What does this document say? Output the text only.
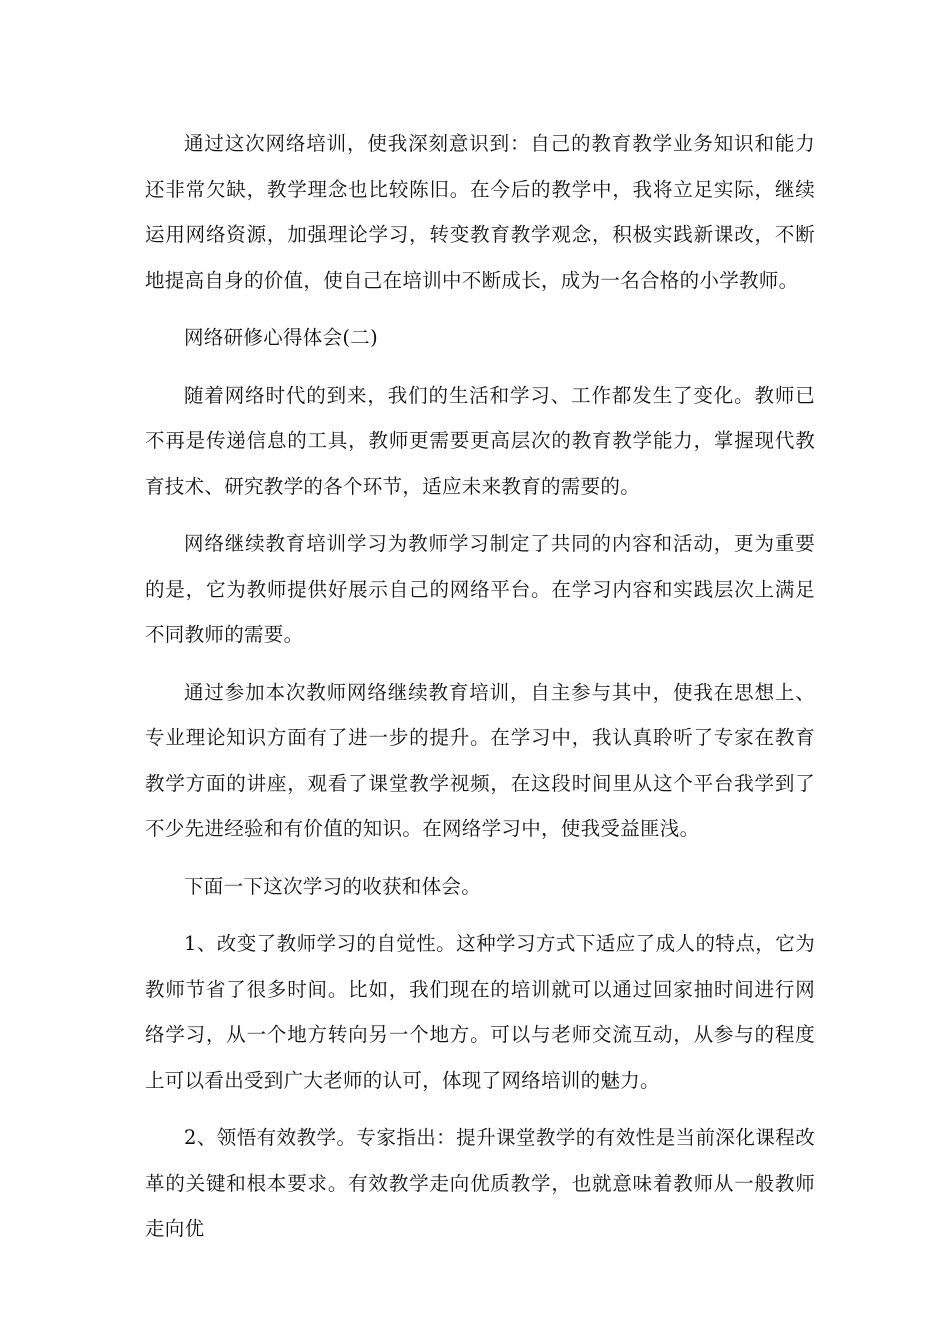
通过这次网络培训，使我深刻意识到：自己的教育教学业务知识和能力还非常欠缺，教学理念也比较陈旧。在今后的教学中，我将立足实际，继续运用网络资源，加强理论学习，转变教育教学观念，积极实践新课改，不断地提高自身的价值，使自己在培训中不断成长，成为一名合格的小学教师。

网络研修心得体会(二)

随着网络时代的到来，我们的生活和学习、工作都发生了变化。教师已不再是传递信息的工具，教师更需要更高层次的教育教学能力，掌握现代教育技术、研究教学的各个环节，适应未来教育的需要的。

网络继续教育培训学习为教师学习制定了共同的内容和活动，更为重要的是，它为教师提供好展示自己的网络平台。在学习内容和实践层次上满足不同教师的需要。

通过参加本次教师网络继续教育培训，自主参与其中，使我在思想上、专业理论知识方面有了进一步的提升。在学习中，我认真聆听了专家在教育教学方面的讲座，观看了课堂教学视频，在这段时间里从这个平台我学到了不少先进经验和有价值的知识。在网络学习中，使我受益匪浅。

下面一下这次学习的收获和体会。

1、改变了教师学习的自觉性。这种学习方式下适应了成人的特点，它为教师节省了很多时间。比如，我们现在的培训就可以通过回家抽时间进行网络学习，从一个地方转向另一个地方。可以与老师交流互动，从参与的程度上可以看出受到广大老师的认可，体现了网络培训的魅力。

2、领悟有效教学。专家指出：提升课堂教学的有效性是当前深化课程改革的关键和根本要求。有效教学走向优质教学，也就意味着教师从一般教师走向优
